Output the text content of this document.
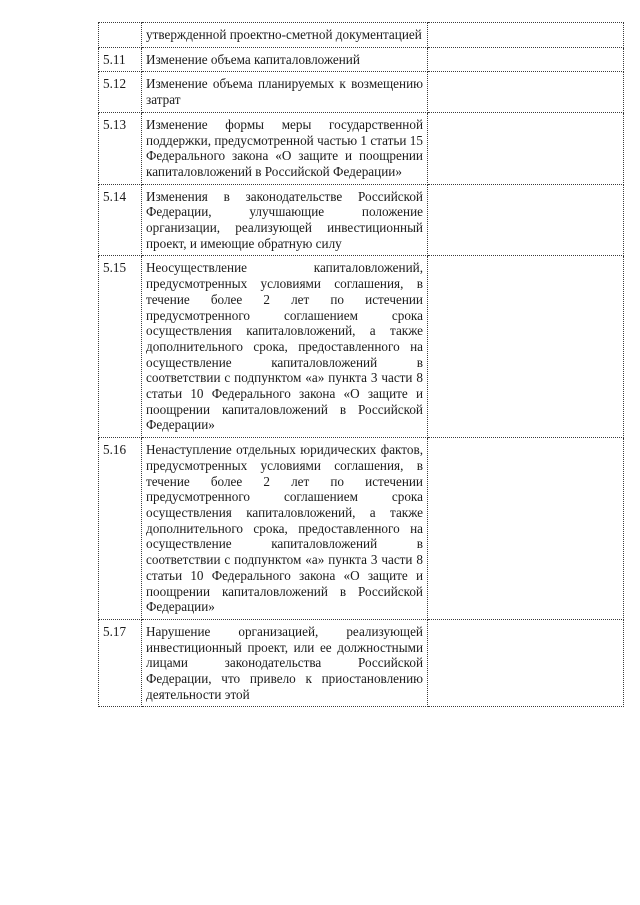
	утвержденной проектно-сметной документацией	
5.11	Изменение объема капиталовложений	
5.12	Изменение объема планируемых к возмещению затрат	
5.13	Изменение формы меры государственной поддержки, предусмотренной частью 1 статьи 15 Федерального закона «О защите и поощрении капиталовложений в Российской Федерации»	
5.14	Изменения в законодательстве Российской Федерации, улучшающие положение организации, реализующей инвестиционный проект, и имеющие обратную силу	
5.15	Неосуществление капиталовложений, предусмотренных условиями соглашения, в течение более 2 лет по истечении предусмотренного соглашением срока осуществления капиталовложений, а также дополнительного срока, предоставленного на осуществление капиталовложений в соответствии с подпунктом «а» пункта 3 части 8 статьи 10 Федерального закона «О защите и поощрении капиталовложений в Российской Федерации»	
5.16	Ненаступление отдельных юридических фактов, предусмотренных условиями соглашения, в течение более 2 лет по истечении предусмотренного соглашением срока осуществления капиталовложений, а также дополнительного срока, предоставленного на осуществление капиталовложений в соответствии с подпунктом «а» пункта 3 части 8 статьи 10 Федерального закона «О защите и поощрении капиталовложений в Российской Федерации»	
5.17	Нарушение организацией, реализующей инвестиционный проект, или ее должностными лицами законодательства Российской Федерации, что привело к приостановлению деятельности этой	
